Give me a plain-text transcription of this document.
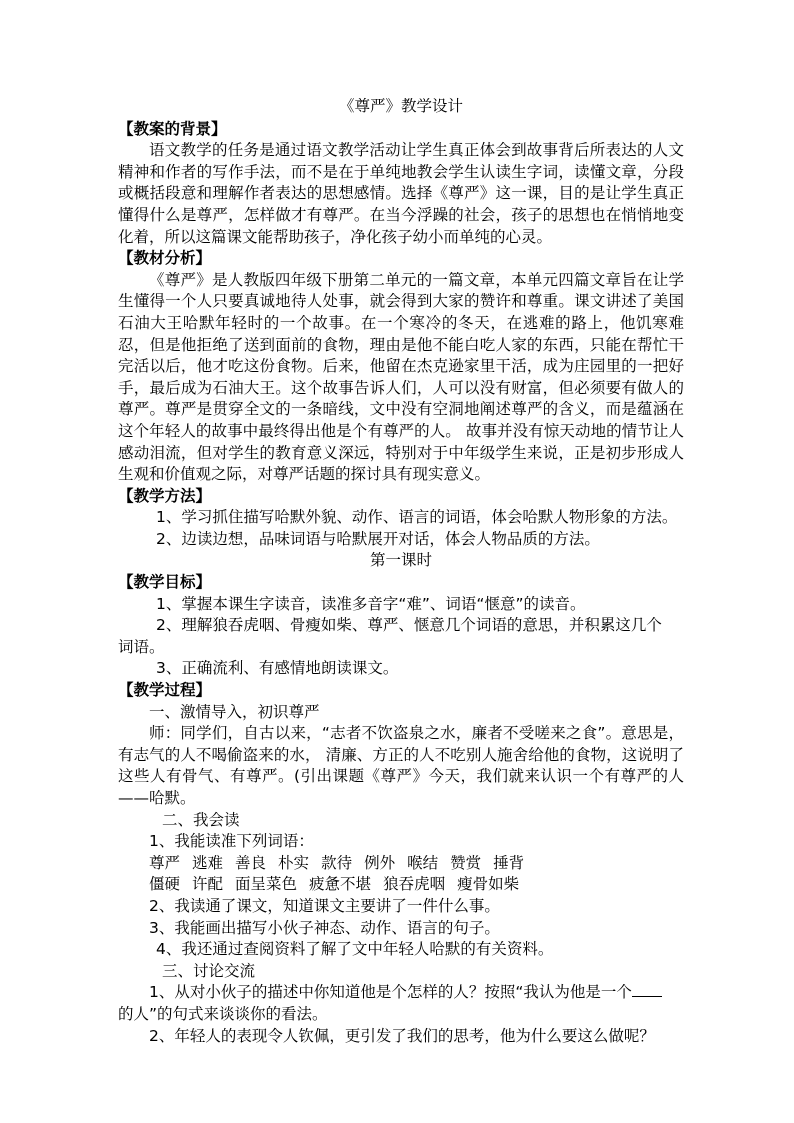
《尊严》教学设计

【教案的背景】

语文教学的任务是通过语文教学活动让学生真正体会到故事背后所表达的人文精神和作者的写作手法，而不是在于单纯地教会学生认读生字词，读懂文章，分段或概括段意和理解作者表达的思想感情。选择《尊严》这一课，目的是让学生真正懂得什么是尊严，怎样做才有尊严。在当今浮躁的社会，孩子的思想也在悄悄地变化着，所以这篇课文能帮助孩子，净化孩子幼小而单纯的心灵。

【教材分析】

《尊严》是人教版四年级下册第二单元的一篇文章，本单元四篇文章旨在让学生懂得一个人只要真诚地待人处事，就会得到大家的赞许和尊重。课文讲述了美国石油大王哈默年轻时的一个故事。在一个寒冷的冬天，在逃难的路上，他饥寒难忍，但是他拒绝了送到面前的食物，理由是他不能白吃人家的东西，只能在帮忙干完活以后，他才吃这份食物。后来，他留在杰克逊家里干活，成为庄园里的一把好手，最后成为石油大王。这个故事告诉人们，人可以没有财富，但必须要有做人的尊严。尊严是贯穿全文的一条暗线，文中没有空洞地阐述尊严的含义，而是蕴涵在这个年轻人的故事中最终得出他是个有尊严的人。 故事并没有惊天动地的情节让人感动泪流，但对学生的教育意义深远，特别对于中年级学生来说，正是初步形成人生观和价值观之际，对尊严话题的探讨具有现实意义。

【教学方法】

1、学习抓住描写哈默外貌、动作、语言的词语，体会哈默人物形象的方法。

2、边读边想，品味词语与哈默展开对话，体会人物品质的方法。

第一课时

【教学目标】

1、掌握本课生字读音，读准多音字“难”、词语“惬意”的读音。

2、理解狼吞虎咽、骨瘦如柴、尊严、惬意几个词语的意思，并积累这几个

词语。

3、正确流利、有感情地朗读课文。

【教学过程】

一、激情导入，初识尊严

师：同学们，自古以来，“志者不饮盗泉之水，廉者不受嗟来之食”。意思是，有志气的人不喝偷盗来的水， 清廉、方正的人不吃别人施舍给他的食物，这说明了这些人有骨气、有尊严。(引出课题《尊严》今天，我们就来认识一个有尊严的人——哈默。

二、我会读

1、我能读准下列词语：

尊严 逃难 善良 朴实 款待 例外 喉结 赞赏 捶背

僵硬 许配 面呈菜色 疲惫不堪 狼吞虎咽 瘦骨如柴

2、我读通了课文，知道课文主要讲了一件什么事。

3、我能画出描写小伙子神态、动作、语言的句子。

4、我还通过查阅资料了解了文中年轻人哈默的有关资料。

三、讨论交流

1、从对小伙子的描述中你知道他是个怎样的人？按照“我认为他是一个

的人”的句式来谈谈你的看法。

2、年轻人的表现令人钦佩，更引发了我们的思考，他为什么要这么做呢？
